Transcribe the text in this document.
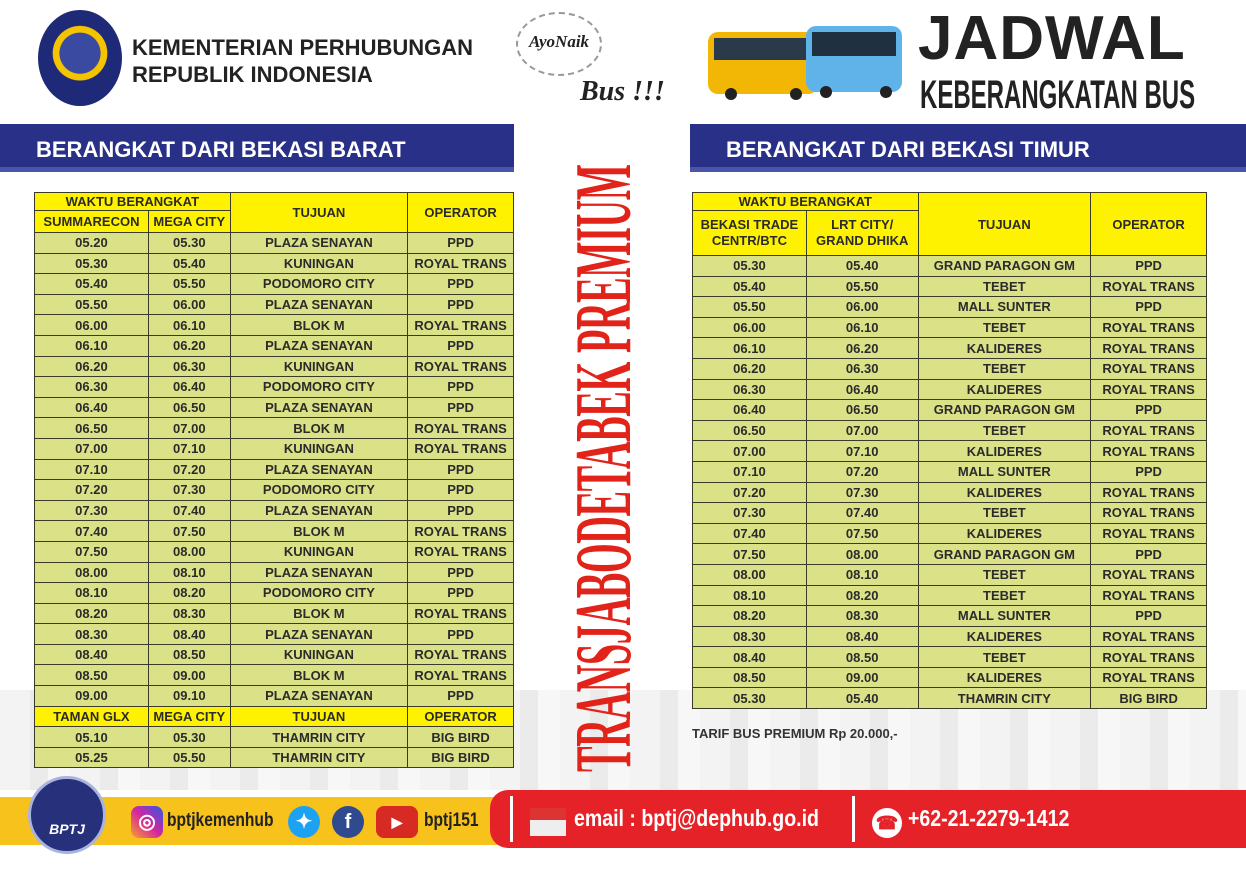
KEMENTERIAN PERHUBUNGAN
REPUBLIK INDONESIA
AyoNaik
Bus !!!
JADWAL
KEBERANGKATAN BUS
BERANGKAT DARI BEKASI BARAT	BERANGKAT DARI BEKASI TIMUR
TRANSJABODETABEK PREMIUM
WAKTU BERANGKAT		TUJUAN	OPERATOR
SUMMARECON	MEGA CITY		
05.20	05.30	PLAZA SENAYAN	PPD
05.30	05.40	KUNINGAN	ROYAL TRANS
05.40	05.50	PODOMORO CITY	PPD
05.50	06.00	PLAZA SENAYAN	PPD
06.00	06.10	BLOK M	ROYAL TRANS
06.10	06.20	PLAZA SENAYAN	PPD
06.20	06.30	KUNINGAN	ROYAL TRANS
06.30	06.40	PODOMORO CITY	PPD
06.40	06.50	PLAZA SENAYAN	PPD
06.50	07.00	BLOK M	ROYAL TRANS
07.00	07.10	KUNINGAN	ROYAL TRANS
07.10	07.20	PLAZA SENAYAN	PPD
07.20	07.30	PODOMORO CITY	PPD
07.30	07.40	PLAZA SENAYAN	PPD
07.40	07.50	BLOK M	ROYAL TRANS
07.50	08.00	KUNINGAN	ROYAL TRANS
08.00	08.10	PLAZA SENAYAN	PPD
08.10	08.20	PODOMORO CITY	PPD
08.20	08.30	BLOK M	ROYAL TRANS
08.30	08.40	PLAZA SENAYAN	PPD
08.40	08.50	KUNINGAN	ROYAL TRANS
08.50	09.00	BLOK M	ROYAL TRANS
09.00	09.10	PLAZA SENAYAN	PPD
TAMAN GLX	MEGA CITY	TUJUAN	OPERATOR
05.10	05.30	THAMRIN CITY	BIG BIRD
05.25	05.50	THAMRIN CITY	BIG BIRD
WAKTU BERANGKAT		TUJUAN	OPERATOR
BEKASI TRADE CENTR/BTC	LRT CITY/ GRAND DHIKA		
05.30	05.40	GRAND PARAGON GM	PPD
05.40	05.50	TEBET	ROYAL TRANS
05.50	06.00	MALL SUNTER	PPD
06.00	06.10	TEBET	ROYAL TRANS
06.10	06.20	KALIDERES	ROYAL TRANS
06.20	06.30	TEBET	ROYAL TRANS
06.30	06.40	KALIDERES	ROYAL TRANS
06.40	06.50	GRAND PARAGON GM	PPD
06.50	07.00	TEBET	ROYAL TRANS
07.00	07.10	KALIDERES	ROYAL TRANS
07.10	07.20	MALL SUNTER	PPD
07.20	07.30	KALIDERES	ROYAL TRANS
07.30	07.40	TEBET	ROYAL TRANS
07.40	07.50	KALIDERES	ROYAL TRANS
07.50	08.00	GRAND PARAGON GM	PPD
08.00	08.10	TEBET	ROYAL TRANS
08.10	08.20	TEBET	ROYAL TRANS
08.20	08.30	MALL SUNTER	PPD
08.30	08.40	KALIDERES	ROYAL TRANS
08.40	08.50	TEBET	ROYAL TRANS
08.50	09.00	KALIDERES	ROYAL TRANS
05.30	05.40	THAMRIN CITY	BIG BIRD
TARIF BUS PREMIUM Rp 20.000,-
BPTJ	◎ bptjkemenhub	✦	f	▶	bptj151	email : bptj@dephub.go.id	☎ +62-21-2279-1412
